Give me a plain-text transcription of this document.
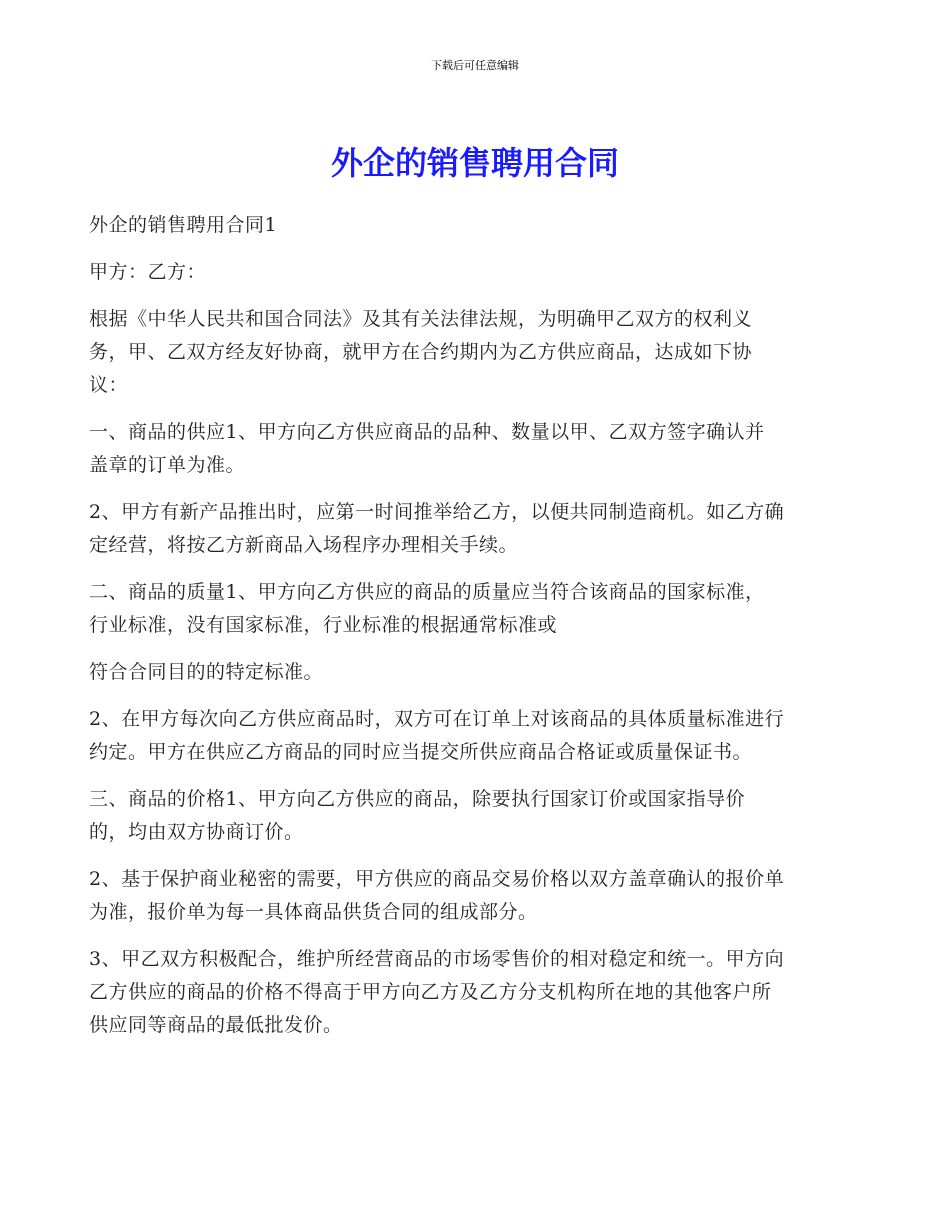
下载后可任意编辑
外企的销售聘用合同

外企的销售聘用合同1

甲方：乙方：

根据《中华人民共和国合同法》及其有关法律法规，为明确甲乙双方的权利义
务，甲、乙双方经友好协商，就甲方在合约期内为乙方供应商品，达成如下协
议：

一、商品的供应1、甲方向乙方供应商品的品种、数量以甲、乙双方签字确认并
盖章的订单为准。

2、甲方有新产品推出时，应第一时间推举给乙方，以便共同制造商机。如乙方确
定经营，将按乙方新商品入场程序办理相关手续。

二、商品的质量1、甲方向乙方供应的商品的质量应当符合该商品的国家标准，
行业标准，没有国家标准，行业标准的根据通常标准或

符合合同目的的特定标准。

2、在甲方每次向乙方供应商品时，双方可在订单上对该商品的具体质量标准进行
约定。甲方在供应乙方商品的同时应当提交所供应商品合格证或质量保证书。

三、商品的价格1、甲方向乙方供应的商品，除要执行国家订价或国家指导价
的，均由双方协商订价。

2、基于保护商业秘密的需要，甲方供应的商品交易价格以双方盖章确认的报价单
为准，报价单为每一具体商品供货合同的组成部分。

3、甲乙双方积极配合，维护所经营商品的市场零售价的相对稳定和统一。甲方向
乙方供应的商品的价格不得高于甲方向乙方及乙方分支机构所在地的其他客户所
供应同等商品的最低批发价。
